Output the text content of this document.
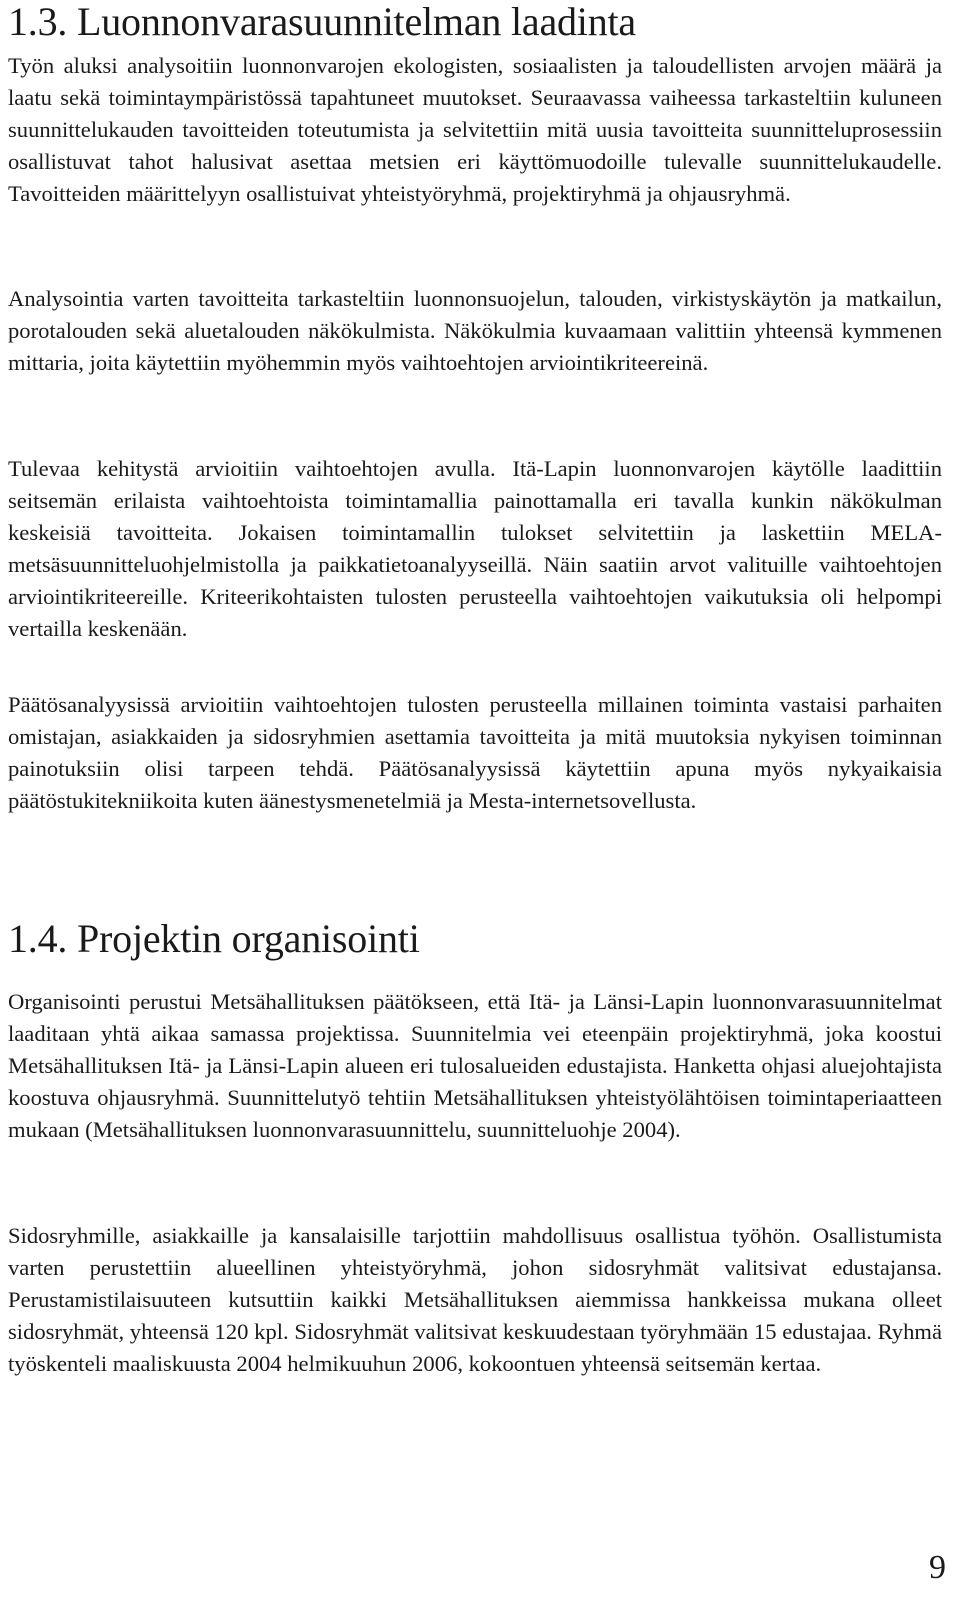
1.3. Luonnonvarasuunnitelman laadinta

Työn aluksi analysoitiin luonnonvarojen ekologisten, sosiaalisten ja taloudellisten arvojen määrä ja laatu sekä toimintaympäristössä tapahtuneet muutokset. Seuraavassa vaiheessa tarkasteltiin kuluneen suunnittelukauden tavoitteiden toteutumista ja selvitettiin mitä uusia tavoitteita suunnitteluprosessiin osallistuvat tahot halusivat asettaa metsien eri käyttömuodoille tulevalle suunnittelukaudelle. Tavoitteiden määrittelyyn osallistuivat yhteistyöryhmä, projektiryhmä ja ohjausryhmä.

Analysointia varten tavoitteita tarkasteltiin luonnonsuojelun, talouden, virkistyskäytön ja matkailun, porotalouden sekä aluetalouden näkökulmista. Näkökulmia kuvaamaan valittiin yhteensä kymmenen mittaria, joita käytettiin myöhemmin myös vaihtoehtojen arviointikriteereinä.

Tulevaa kehitystä arvioitiin vaihtoehtojen avulla. Itä-Lapin luonnonvarojen käytölle laadittiin seitsemän erilaista vaihtoehtoista toimintamallia painottamalla eri tavalla kunkin näkökulman keskeisiä tavoitteita. Jokaisen toimintamallin tulokset selvitettiin ja laskettiin MELA-metsäsuunnitteluohjelmistolla ja paikkatietoanalyyseillä. Näin saatiin arvot valituille vaihtoehtojen arviointikriteereille. Kriteerikohtaisten tulosten perusteella vaihtoehtojen vaikutuksia oli helpompi vertailla keskenään.

Päätösanalyysissä arvioitiin vaihtoehtojen tulosten perusteella millainen toiminta vastaisi parhaiten omistajan, asiakkaiden ja sidosryhmien asettamia tavoitteita ja mitä muutoksia nykyisen toiminnan painotuksiin olisi tarpeen tehdä. Päätösanalyysissä käytettiin apuna myös nykyaikaisia päätöstukitekniikoita kuten äänestysmenetelmiä ja Mesta-internetsovellusta.

1.4. Projektin organisointi

Organisointi perustui Metsähallituksen päätökseen, että Itä- ja Länsi-Lapin luonnonvarasuunnitelmat laaditaan yhtä aikaa samassa projektissa. Suunnitelmia vei eteenpäin projektiryhmä, joka koostui Metsähallituksen Itä- ja Länsi-Lapin alueen eri tulosalueiden edustajista. Hanketta ohjasi aluejohtajista koostuva ohjausryhmä. Suunnittelutyö tehtiin Metsähallituksen yhteistyölähtöisen toimintaperiaatteen mukaan (Metsähallituksen luonnonvarasuunnittelu, suunnitteluohje 2004).

Sidosryhmille, asiakkaille ja kansalaisille tarjottiin mahdollisuus osallistua työhön. Osallistumista varten perustettiin alueellinen yhteistyöryhmä, johon sidosryhmät valitsivat edustajansa. Perustamistilaisuuteen kutsuttiin kaikki Metsähallituksen aiemmissa hankkeissa mukana olleet sidosryhmät, yhteensä 120 kpl. Sidosryhmät valitsivat keskuudestaan työryhmään 15 edustajaa. Ryhmä työskenteli maaliskuusta 2004 helmikuuhun 2006, kokoontuen yhteensä seitsemän kertaa.

9
